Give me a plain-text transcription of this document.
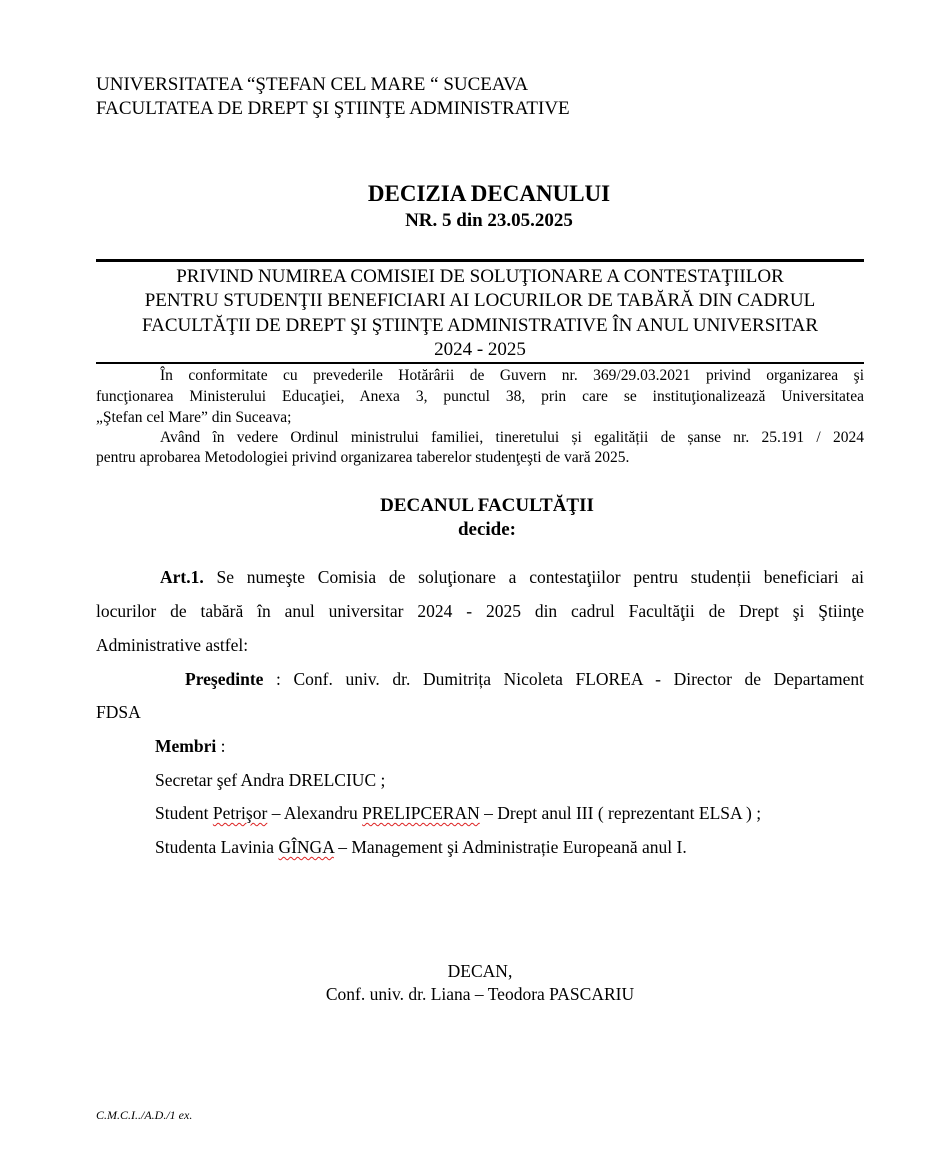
UNIVERSITATEA “ŞTEFAN CEL MARE “ SUCEAVA
FACULTATEA DE DREPT ŞI ŞTIINŢE ADMINISTRATIVE
DECIZIA DECANULUI
NR. 5 din 23.05.2025
PRIVIND NUMIREA COMISIEI DE SOLUŢIONARE A CONTESTAŢIILOR
PENTRU STUDENŢII BENEFICIARI AI LOCURILOR DE TABĂRĂ DIN CADRUL
FACULTĂŢII DE DREPT ŞI ŞTIINŢE ADMINISTRATIVE ÎN ANUL UNIVERSITAR
2024 - 2025
În conformitate cu prevederile Hotărârii de Guvern nr. 369/29.03.2021 privind organizarea şi
funcţionarea Ministerului Educaţiei, Anexa 3, punctul 38, prin care se instituţionalizează Universitatea
„Ştefan cel Mare” din Suceava;
Având în vedere Ordinul ministrului familiei, tineretului și egalității de șanse nr. 25.191 / 2024
pentru aprobarea Metodologiei privind organizarea taberelor studenţeşti de vară 2025.
DECANUL FACULTĂŢII
decide:
Art.1. Se numeşte Comisia de soluţionare a contestaţiilor pentru studenții beneficiari ai
locurilor de tabără în anul universitar 2024 - 2025 din cadrul Facultăţii de Drept şi Ştiinţe
Administrative astfel:
Preşedinte : Conf. univ. dr. Dumitrița Nicoleta FLOREA - Director de Departament
FDSA
Membri :
Secretar şef Andra DRELCIUC ;
Student Petrişor – Alexandru PRELIPCERAN – Drept anul III ( reprezentant ELSA ) ;
Studenta Lavinia GÎNGA – Management şi Administrație Europeană anul I.
DECAN,
Conf. univ. dr. Liana – Teodora PASCARIU
C.M.C.I../A.D./1 ex.
